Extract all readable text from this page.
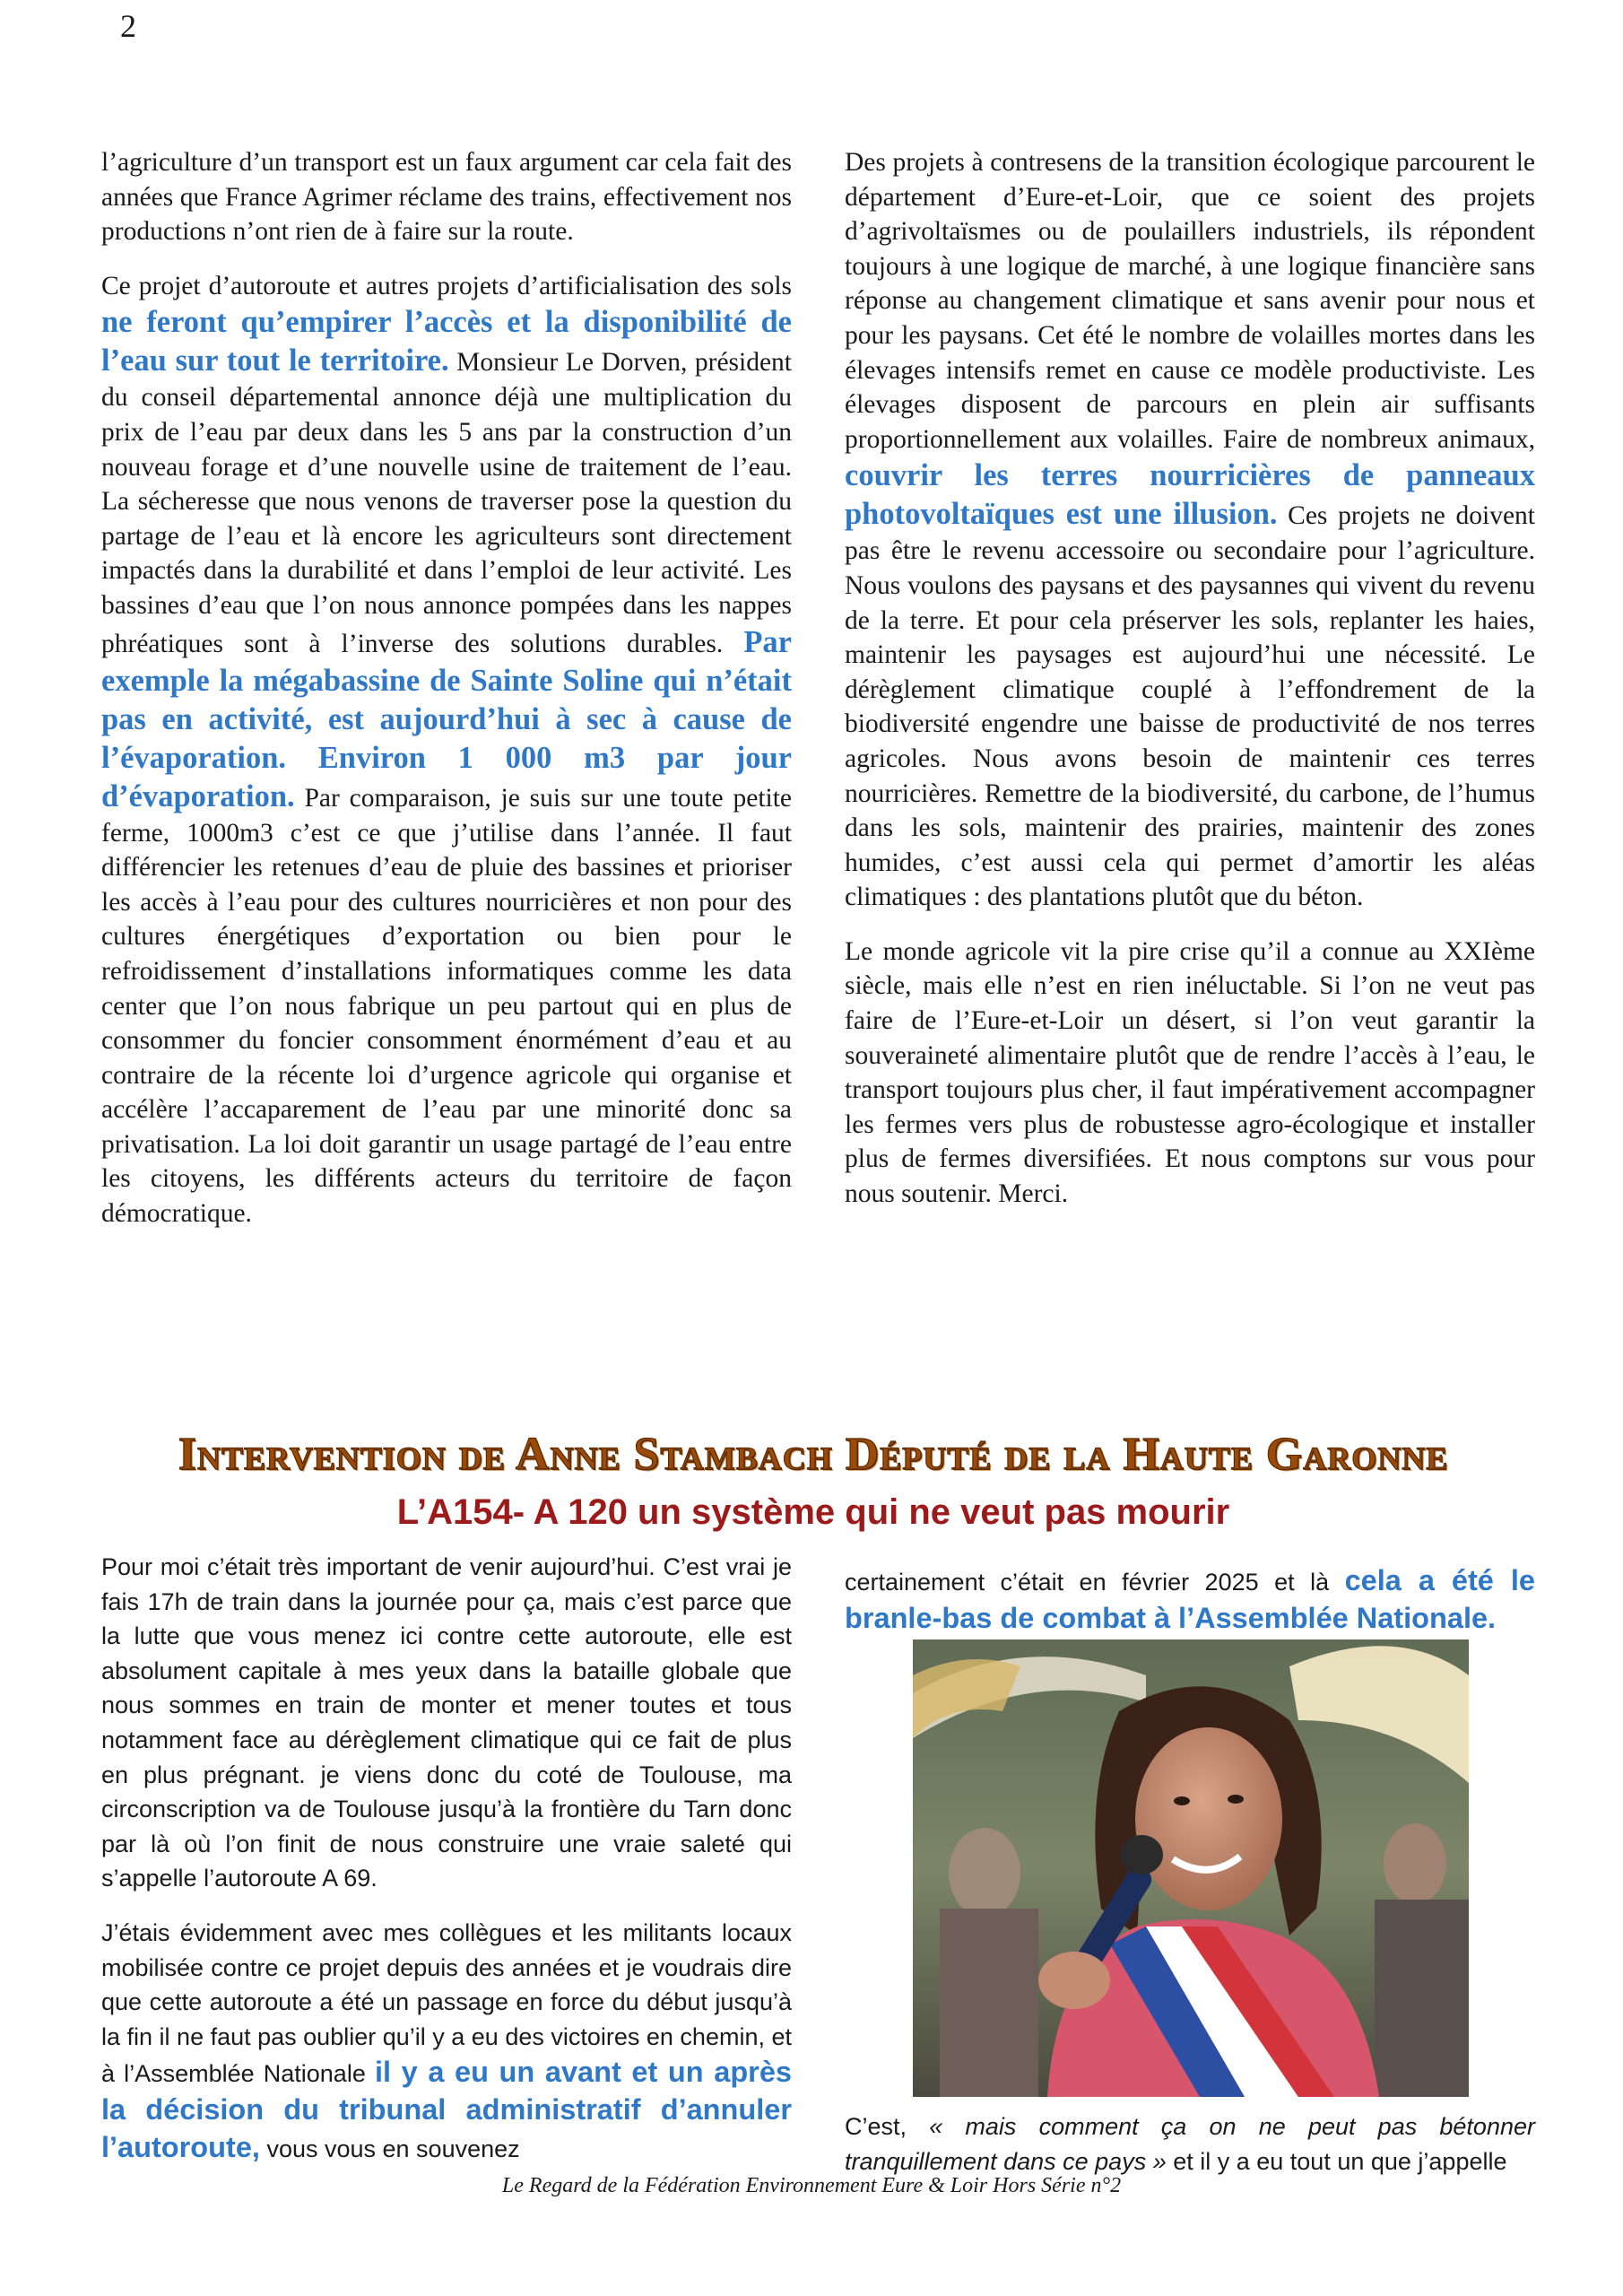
2

l’agriculture d’un transport est un faux argument car cela fait des années que France Agrimer réclame des trains, effectivement nos productions n’ont rien de à faire sur la route.

Ce projet d’autoroute et autres projets d’artificialisation des sols ne feront qu’empirer l’accès et la disponibilité de l’eau sur tout le territoire. Monsieur Le Dorven, président du conseil départemental annonce déjà une multiplication du prix de l’eau par deux dans les 5 ans par la construction d’un nouveau forage et d’une nouvelle usine de traitement de l’eau. La sécheresse que nous venons de traverser pose la question du partage de l’eau et là encore les agriculteurs sont directement impactés dans la durabilité et dans l’emploi de leur activité. Les bassines d’eau que l’on nous annonce pompées dans les nappes phréatiques sont à l’inverse des solutions durables. Par exemple la mégabassine de Sainte Soline qui n’était pas en activité, est aujourd’hui à sec à cause de l’évaporation. Environ 1 000 m3 par jour d’évaporation. Par comparaison, je suis sur une toute petite ferme, 1000m3 c’est ce que j’utilise dans l’année. Il faut différencier les retenues d’eau de pluie des bassines et prioriser les accès à l’eau pour des cultures nourricières et non pour des cultures énergétiques d’exportation ou bien pour le refroidissement d’installations informatiques comme les data center que l’on nous fabrique un peu partout qui en plus de consommer du foncier consomment énormément d’eau et au contraire de la récente loi d’urgence agricole qui organise et accélère l’accaparement de l’eau par une minorité donc sa privatisation. La loi doit garantir un usage partagé de l’eau entre les citoyens, les différents acteurs du territoire de façon démocratique.

Des projets à contresens de la transition écologique parcourent le département d’Eure-et-Loir, que ce soient des projets d’agrivoltaïsmes ou de poulaillers industriels, ils répondent toujours à une logique de marché, à une logique financière sans réponse au changement climatique et sans avenir pour nous et pour les paysans. Cet été le nombre de volailles mortes dans les élevages intensifs remet en cause ce modèle productiviste. Les élevages disposent de parcours en plein air suffisants proportionnellement aux volailles. Faire de nombreux animaux, couvrir les terres nourricières de panneaux photovoltaïques est une illusion. Ces projets ne doivent pas être le revenu accessoire ou secondaire pour l’agriculture. Nous voulons des paysans et des paysannes qui vivent du revenu de la terre. Et pour cela préserver les sols, replanter les haies, maintenir les paysages est aujourd’hui une nécessité. Le dérèglement climatique couplé à l’effondrement de la biodiversité engendre une baisse de productivité de nos terres agricoles. Nous avons besoin de maintenir ces terres nourricières. Remettre de la biodiversité, du carbone, de l’humus dans les sols, maintenir des prairies, maintenir des zones humides, c’est aussi cela qui permet d’amortir les aléas climatiques : des plantations plutôt que du béton.

Le monde agricole vit la pire crise qu’il a connue au XXIème siècle, mais elle n’est en rien inéluctable. Si l’on ne veut pas faire de l’Eure-et-Loir un désert, si l’on veut garantir la souveraineté alimentaire plutôt que de rendre l’accès à l’eau, le transport toujours plus cher, il faut impérativement accompagner les fermes vers plus de robustesse agro-écologique et installer plus de fermes diversifiées. Et nous comptons sur vous pour nous soutenir. Merci.

Intervention de Anne Stambach Député de la Haute Garonne
L’A154- A 120 un système qui ne veut pas mourir

Pour moi c’était très important de venir aujourd’hui. C’est vrai je fais 17h de train dans la journée pour ça, mais c’est parce que la lutte que vous menez ici contre cette autoroute, elle est absolument capitale à mes yeux dans la bataille globale que nous sommes en train de monter et mener toutes et tous notamment face au dérèglement climatique qui ce fait de plus en plus prégnant. je viens donc du coté de Toulouse, ma circonscription va de Toulouse jusqu’à la frontière du Tarn donc par là où l’on finit de nous construire une vraie saleté qui s’appelle l’autoroute A 69.

J’étais évidemment avec mes collègues et les militants locaux mobilisée contre ce projet depuis des années et je voudrais dire que cette autoroute a été un passage en force du début jusqu’à la fin il ne faut pas oublier qu’il y a eu des victoires en chemin, et à l’Assemblée Nationale il y a eu un avant et un après la décision du tribunal administratif d’annuler l’autoroute, vous vous en souvenez

certainement c’était en février 2025 et là cela a été le branle-bas de combat à l’Assemblée Nationale.

C’est, « mais comment ça on ne peut pas bétonner tranquillement dans ce pays » et il y a eu tout un que j’appelle
Le Regard de la Fédération Environnement Eure & Loir Hors Série n°2
